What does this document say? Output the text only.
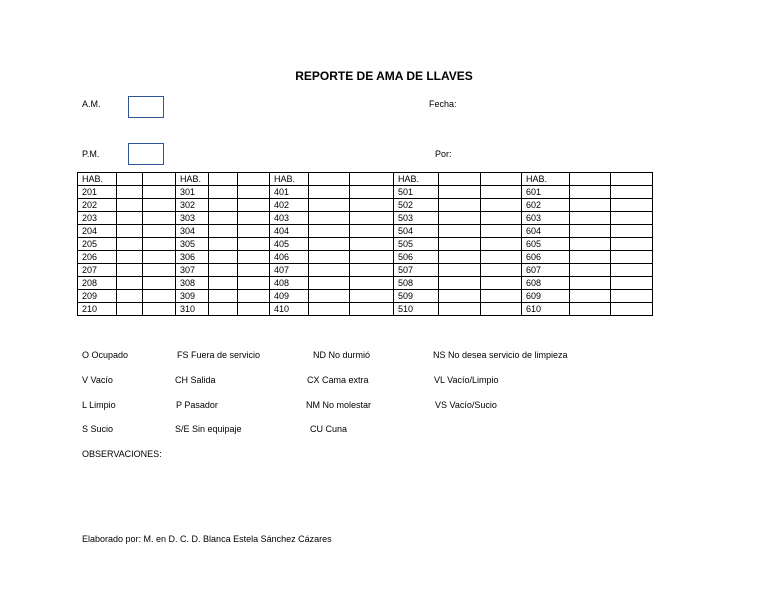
REPORTE DE AMA DE LLAVES
A.M.	Fecha:
P.M.	Por:
HAB.			HAB.			HAB.			HAB.			HAB.		
201			301			401			501			601		
202			302			402			502			602		
203			303			403			503			603		
204			304			404			504			604		
205			305			405			505			605		
206			306			406			506			606		
207			307			407			507			607		
208			308			408			508			608		
209			309			409			509			609		
210			310			410			510			610		
O Ocupado	FS Fuera de servicio	ND No durmió	NS No desea servicio de limpieza
V Vacío	CH Salida	CX Cama extra	VL Vacío/Limpio
L Limpio	P Pasador	NM No molestar	VS Vacío/Sucio
S Sucio	S/E Sin equipaje	CU Cuna
OBSERVACIONES:
Elaborado por: M. en D. C. D. Blanca Estela Sánchez Cázares
